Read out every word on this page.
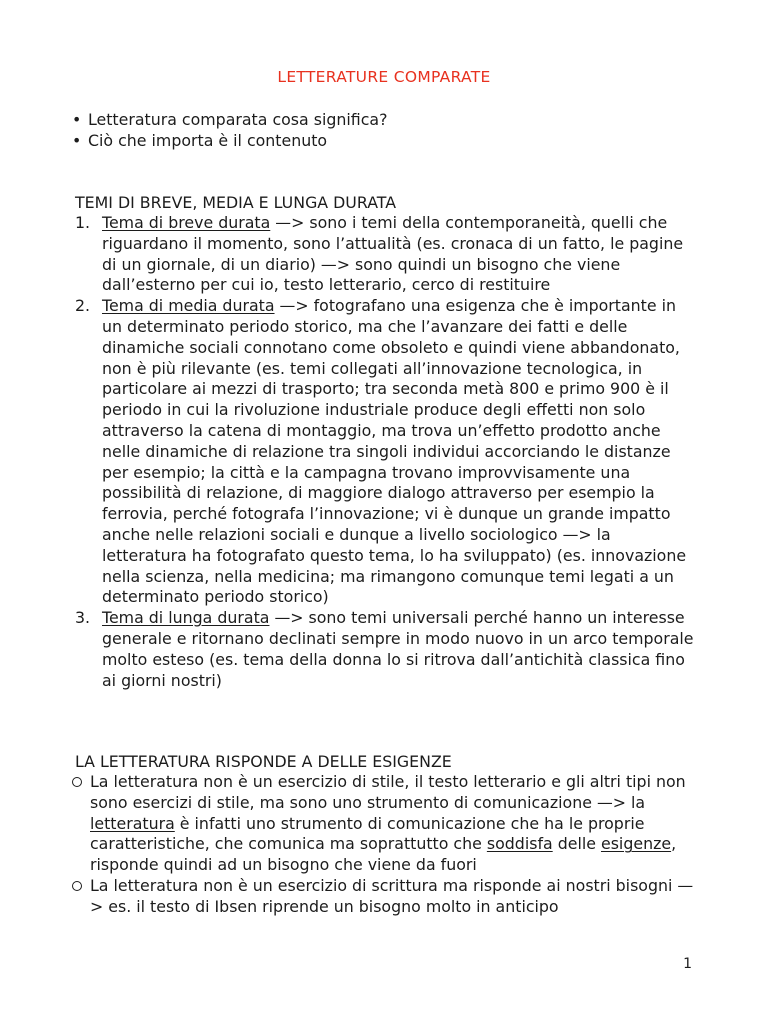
LETTERATURE COMPARATE
• Letteratura comparata cosa significa?
• Ciò che importa è il contenuto
TEMI DI BREVE, MEDIA E LUNGA DURATA
1. Tema di breve durata —> sono i temi della contemporaneità, quelli che riguardano il momento, sono l’attualità (es. cronaca di un fatto, le pagine di un giornale, di un diario) —> sono quindi un bisogno che viene dall’esterno per cui io, testo letterario, cerco di restituire
2. Tema di media durata —> fotografano una esigenza che è importante in un determinato periodo storico, ma che l’avanzare dei fatti e delle dinamiche sociali connotano come obsoleto e quindi viene abbandonato, non è più rilevante (es. temi collegati all’innovazione tecnologica, in particolare ai mezzi di trasporto; tra seconda metà 800 e primo 900 è il periodo in cui la rivoluzione industriale produce degli effetti non solo attraverso la catena di montaggio, ma trova un’effetto prodotto anche nelle dinamiche di relazione tra singoli individui accorciando le distanze per esempio; la città e la campagna trovano improvvisamente una possibilità di relazione, di maggiore dialogo attraverso per esempio la ferrovia, perché fotografa l’innovazione; vi è dunque un grande impatto anche nelle relazioni sociali e dunque a livello sociologico —> la letteratura ha fotografato questo tema, lo ha sviluppato) (es. innovazione nella scienza, nella medicina; ma rimangono comunque temi legati a un determinato periodo storico)
3. Tema di lunga durata —> sono temi universali perché hanno un interesse generale e ritornano declinati sempre in modo nuovo in un arco temporale molto esteso (es. tema della donna lo si ritrova dall’antichità classica fino ai giorni nostri)
LA LETTERATURA RISPONDE A DELLE ESIGENZE
La letteratura non è un esercizio di stile, il testo letterario e gli altri tipi non sono esercizi di stile, ma sono uno strumento di comunicazione —> la letteratura è infatti uno strumento di comunicazione che ha le proprie caratteristiche, che comunica ma soprattutto che soddisfa delle esigenze, risponde quindi ad un bisogno che viene da fuori
La letteratura non è un esercizio di scrittura ma risponde ai nostri bisogni —> es. il testo di Ibsen riprende un bisogno molto in anticipo
1
